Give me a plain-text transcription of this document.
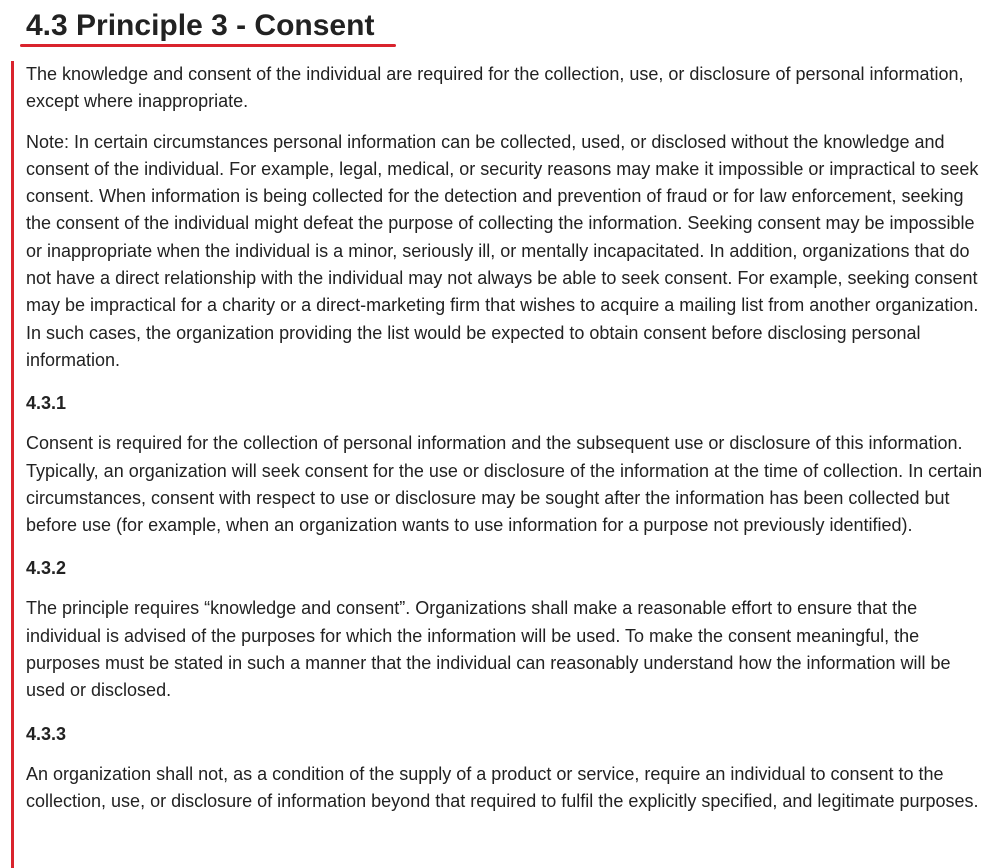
4.3 Principle 3 - Consent

The knowledge and consent of the individual are required for the collection, use, or disclosure of personal information, except where inappropriate.

Note: In certain circumstances personal information can be collected, used, or disclosed without the knowledge and consent of the individual. For example, legal, medical, or security reasons may make it impossible or impractical to seek consent. When information is being collected for the detection and prevention of fraud or for law enforcement, seeking the consent of the individual might defeat the purpose of collecting the information. Seeking consent may be impossible or inappropriate when the individual is a minor, seriously ill, or mentally incapacitated. In addition, organizations that do not have a direct relationship with the individual may not always be able to seek consent. For example, seeking consent may be impractical for a charity or a direct-marketing firm that wishes to acquire a mailing list from another organization. In such cases, the organization providing the list would be expected to obtain consent before disclosing personal information.

4.3.1

Consent is required for the collection of personal information and the subsequent use or disclosure of this information. Typically, an organization will seek consent for the use or disclosure of the information at the time of collection. In certain circumstances, consent with respect to use or disclosure may be sought after the information has been collected but before use (for example, when an organization wants to use information for a purpose not previously identified).

4.3.2

The principle requires “knowledge and consent”. Organizations shall make a reasonable effort to ensure that the individual is advised of the purposes for which the information will be used. To make the consent meaningful, the purposes must be stated in such a manner that the individual can reasonably understand how the information will be used or disclosed.

4.3.3

An organization shall not, as a condition of the supply of a product or service, require an individual to consent to the collection, use, or disclosure of information beyond that required to fulfil the explicitly specified, and legitimate purposes.
